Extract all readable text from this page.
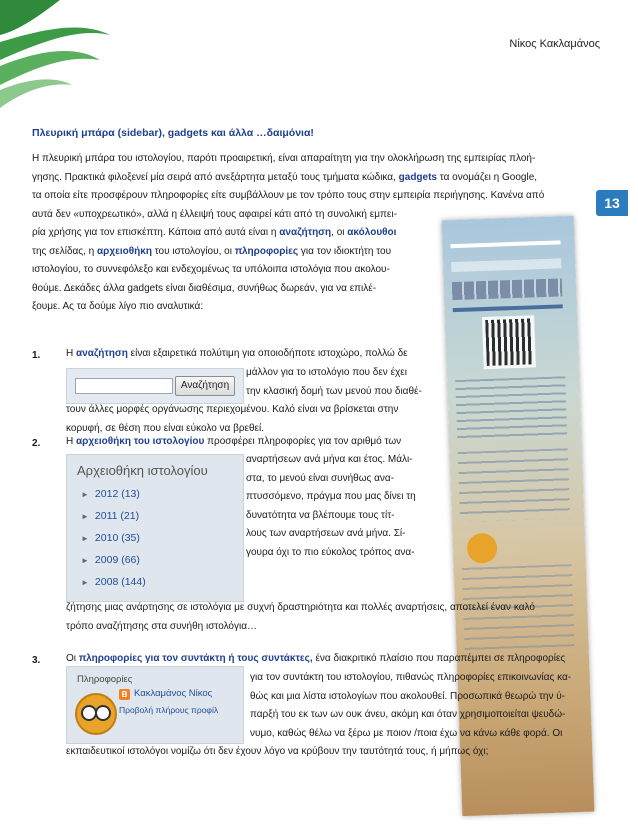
Νίκος Κακλαμάνος
13
Πλευρική μπάρα (sidebar), gadgets και άλλα …δαιμόνια!
Η πλευρική μπάρα του ιστολογίου, παρότι προαιρετική, είναι απαραίτητη για την ολοκλήρωση της εμπειρίας πλοή-
γησης. Πρακτικά φιλοξενεί μία σειρά από ανεξάρτητα μεταξύ τους τμήματα κώδικα, gadgets τα ονομάζει η Google,
τα οποία είτε προσφέρουν πληροφορίες είτε συμβάλλουν με τον τρόπο τους στην εμπειρία περιήγησης. Κανένα από
αυτά δεν «υποχρεωτικό», αλλά η έλλειψή τους αφαιρεί κάτι από τη συνολική εμπει-
ρία χρήσης για τον επισκέπτη. Κάποια από αυτά είναι η αναζήτηση, οι ακόλουθοι
της σελίδας, η αρχειοθήκη του ιστολογίου, οι πληροφορίες για τον ιδιοκτήτη του
ιστολογίου, το συννεφόλεξο και ενδεχομένως τα υπόλοιπα ιστολόγια που ακολου-
θούμε. Δεκάδες άλλα gadgets είναι διαθέσιμα, συνήθως δωρεάν, για να επιλέ-
ξουμε. Ας τα δούμε λίγο πιο αναλυτικά:
1.	Η αναζήτηση είναι εξαιρετικά πολύτιμη για οποιοδήποτε ιστοχώρο, πολλώ δε
Αναζήτηση
μάλλον για το ιστολόγιο που δεν έχει
την κλασική δομή των μενού που διαθέ-
τουν άλλες μορφές οργάνωσης περιεχομένου. Καλό είναι να βρίσκεται στην
κορυφή, σε θέση που είναι εύκολο να βρεθεί.
2.	Η αρχειοθήκη του ιστολογίου προσφέρει πληροφορίες για τον αριθμό των
Αρχειοθήκη ιστολογίου
► 2012 (13)
► 2011 (21)
► 2010 (35)
► 2009 (66)
► 2008 (144)
αναρτήσεων ανά μήνα και έτος. Μάλι-
στα, το μενού είναι συνήθως ανα-
πτυσσόμενο, πράγμα που μας δίνει τη
δυνατότητα να βλέπουμε τους τίτ-
λους των αναρτήσεων ανά μήνα. Σί-
γουρα όχι το πιο εύκολος τρόπος ανα-
ζήτησης μιας ανάρτησης σε ιστολόγια με συχνή δραστηριότητα και πολλές αναρτήσεις, αποτελεί έναν καλό
τρόπο αναζήτησης στα συνήθη ιστολόγια…
3.	Οι πληροφορίες για τον συντάκτη ή τους συντάκτες, ένα διακριτικό πλαίσιο που παραπέμπει σε πληροφορίες
Πληροφορίες
B Κακλαμάνος Νίκος
Προβολή πλήρους προφίλ
για τον συντάκτη του ιστολογίου, πιθανώς πληροφορίες επικοινωνίας κα-
θώς και μια λίστα ιστολογίων που ακολουθεί. Προσωπικά θεωρώ την ύ-
παρξή του εκ των ων ουκ άνευ, ακόμη και όταν χρησιμοποιείται ψευδώ-
νυμο, καθώς θέλω να ξέρω με ποιον /ποια έχω να κάνω κάθε φορά. Οι
εκπαιδευτικοί ιστολόγοι νομίζω ότι δεν έχουν λόγο να κρύβουν την ταυτότητά τους, ή μήπως όχι;
